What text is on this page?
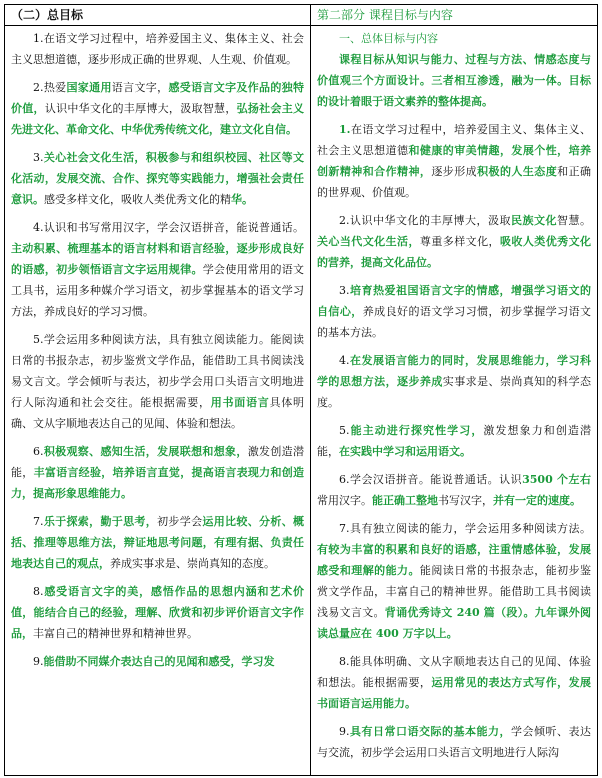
（二）总目标

1.在语文学习过程中，培养爱国主义、集体主义、社会主义思想道德，逐步形成正确的世界观、人生观、价值观。

2.热爱国家通用语言文字，感受语言文字及作品的独特价值，认识中华文化的丰厚博大，汲取智慧，弘扬社会主义先进文化、革命文化、中华优秀传统文化，建立文化自信。

3.关心社会文化生活，积极参与和组织校园、社区等文化活动，发展交流、合作、探究等实践能力，增强社会责任意识。感受多样文化，吸收人类优秀文化的精华。

4.认识和书写常用汉字，学会汉语拼音，能说普通话。主动积累、梳理基本的语言材料和语言经验，逐步形成良好的语感，初步领悟语言文字运用规律。学会使用常用的语文工具书，运用多种媒介学习语文，初步掌握基本的语文学习方法，养成良好的学习习惯。

5.学会运用多种阅读方法，具有独立阅读能力。能阅读日常的书报杂志，初步鉴赏文学作品，能借助工具书阅读浅易文言文。学会倾听与表达，初步学会用口头语言文明地进行人际沟通和社会交往。能根据需要，用书面语言具体明确、文从字顺地表达自己的见闻、体验和想法。

6.积极观察、感知生活，发展联想和想象，激发创造潜能，丰富语言经验，培养语言直觉，提高语言表现力和创造力，提高形象思维能力。

7.乐于探索，勤于思考，初步学会运用比较、分析、概括、推理等思维方法，辩证地思考问题，有理有据、负责任地表达自己的观点，养成实事求是、崇尚真知的态度。

8.感受语言文字的美，感悟作品的思想内涵和艺术价值，能结合自己的经验，理解、欣赏和初步评价语言文字作品，丰富自己的精神世界和精神世界。

9.能借助不同媒介表达自己的见闻和感受，学习发

第二部分 课程目标与内容

一、总体目标与内容

课程目标从知识与能力、过程与方法、情感态度与价值观三个方面设计。三者相互渗透，融为一体。目标的设计着眼于语文素养的整体提高。

1.在语文学习过程中，培养爱国主义、集体主义、社会主义思想道德和健康的审美情趣，发展个性，培养创新精神和合作精神，逐步形成积极的人生态度和正确的世界观、价值观。

2.认识中华文化的丰厚博大，汲取民族文化智慧。关心当代文化生活，尊重多样文化，吸收人类优秀文化的营养，提高文化品位。

3.培育热爱祖国语言文字的情感，增强学习语文的自信心，养成良好的语文学习习惯，初步掌握学习语文的基本方法。

4.在发展语言能力的同时，发展思维能力，学习科学的思想方法，逐步养成实事求是、崇尚真知的科学态度。

5.能主动进行探究性学习，激发想象力和创造潜能，在实践中学习和运用语文。

6.学会汉语拼音。能说普通话。认识3500 个左右常用汉字。能正确工整地书写汉字，并有一定的速度。

7.具有独立阅读的能力，学会运用多种阅读方法。有较为丰富的积累和良好的语感，注重情感体验，发展感受和理解的能力。能阅读日常的书报杂志，能初步鉴赏文学作品，丰富自己的精神世界。能借助工具书阅读浅易文言文。背诵优秀诗文 240 篇（段）。九年课外阅读总量应在 400 万字以上。

8.能具体明确、文从字顺地表达自己的见闻、体验和想法。能根据需要，运用常见的表达方式写作，发展书面语言运用能力。

9.具有日常口语交际的基本能力，学会倾听、表达与交流，初步学会运用口头语言文明地进行人际沟
